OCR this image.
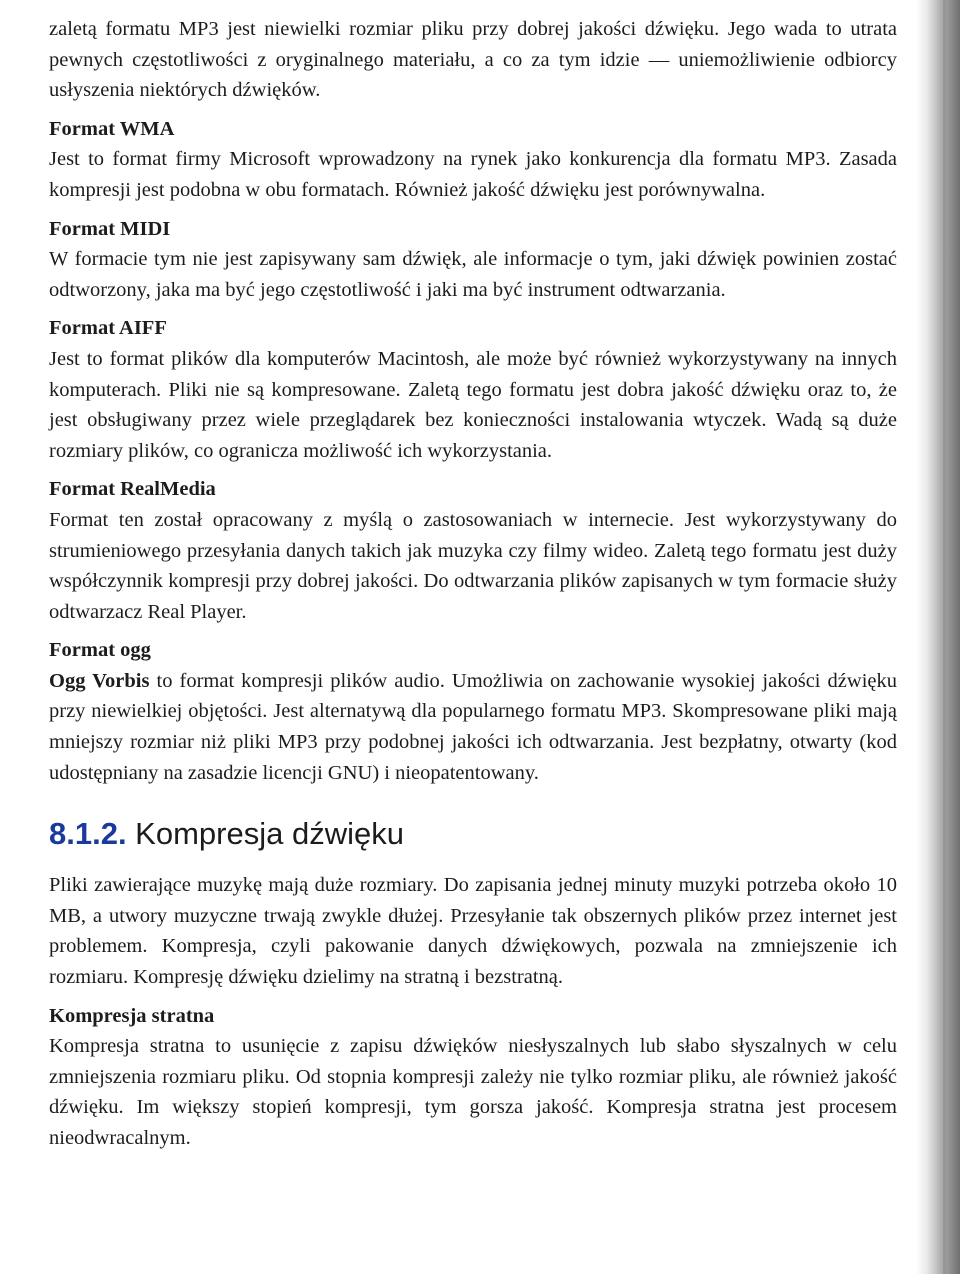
zaletą formatu MP3 jest niewielki rozmiar pliku przy dobrej jakości dźwięku. Jego wada to utrata pewnych częstotliwości z oryginalnego materiału, a co za tym idzie — uniemożliwienie odbiorcy usłyszenia niektórych dźwięków.

Format WMA

Jest to format firmy Microsoft wprowadzony na rynek jako konkurencja dla formatu MP3. Zasada kompresji jest podobna w obu formatach. Również jakość dźwięku jest porównywalna.

Format MIDI

W formacie tym nie jest zapisywany sam dźwięk, ale informacje o tym, jaki dźwięk powinien zostać odtworzony, jaka ma być jego częstotliwość i jaki ma być instrument odtwarzania.

Format AIFF

Jest to format plików dla komputerów Macintosh, ale może być również wykorzystywany na innych komputerach. Pliki nie są kompresowane. Zaletą tego formatu jest dobra jakość dźwięku oraz to, że jest obsługiwany przez wiele przeglądarek bez konieczności instalowania wtyczek. Wadą są duże rozmiary plików, co ogranicza możliwość ich wykorzystania.

Format RealMedia

Format ten został opracowany z myślą o zastosowaniach w internecie. Jest wykorzystywany do strumieniowego przesyłania danych takich jak muzyka czy filmy wideo. Zaletą tego formatu jest duży współczynnik kompresji przy dobrej jakości. Do odtwarzania plików zapisanych w tym formacie służy odtwarzacz Real Player.

Format ogg

Ogg Vorbis to format kompresji plików audio. Umożliwia on zachowanie wysokiej jakości dźwięku przy niewielkiej objętości. Jest alternatywą dla popularnego formatu MP3. Skompresowane pliki mają mniejszy rozmiar niż pliki MP3 przy podobnej jakości ich odtwarzania. Jest bezpłatny, otwarty (kod udostępniany na zasadzie licencji GNU) i nieopatentowany.

8.1.2. Kompresja dźwięku

Pliki zawierające muzykę mają duże rozmiary. Do zapisania jednej minuty muzyki potrzeba około 10 MB, a utwory muzyczne trwają zwykle dłużej. Przesyłanie tak obszernych plików przez internet jest problemem. Kompresja, czyli pakowanie danych dźwiękowych, pozwala na zmniejszenie ich rozmiaru. Kompresję dźwięku dzielimy na stratną i bezstratną.

Kompresja stratna

Kompresja stratna to usunięcie z zapisu dźwięków niesłyszalnych lub słabo słyszalnych w celu zmniejszenia rozmiaru pliku. Od stopnia kompresji zależy nie tylko rozmiar pliku, ale również jakość dźwięku. Im większy stopień kompresji, tym gorsza jakość. Kompresja stratna jest procesem nieodwracalnym.
